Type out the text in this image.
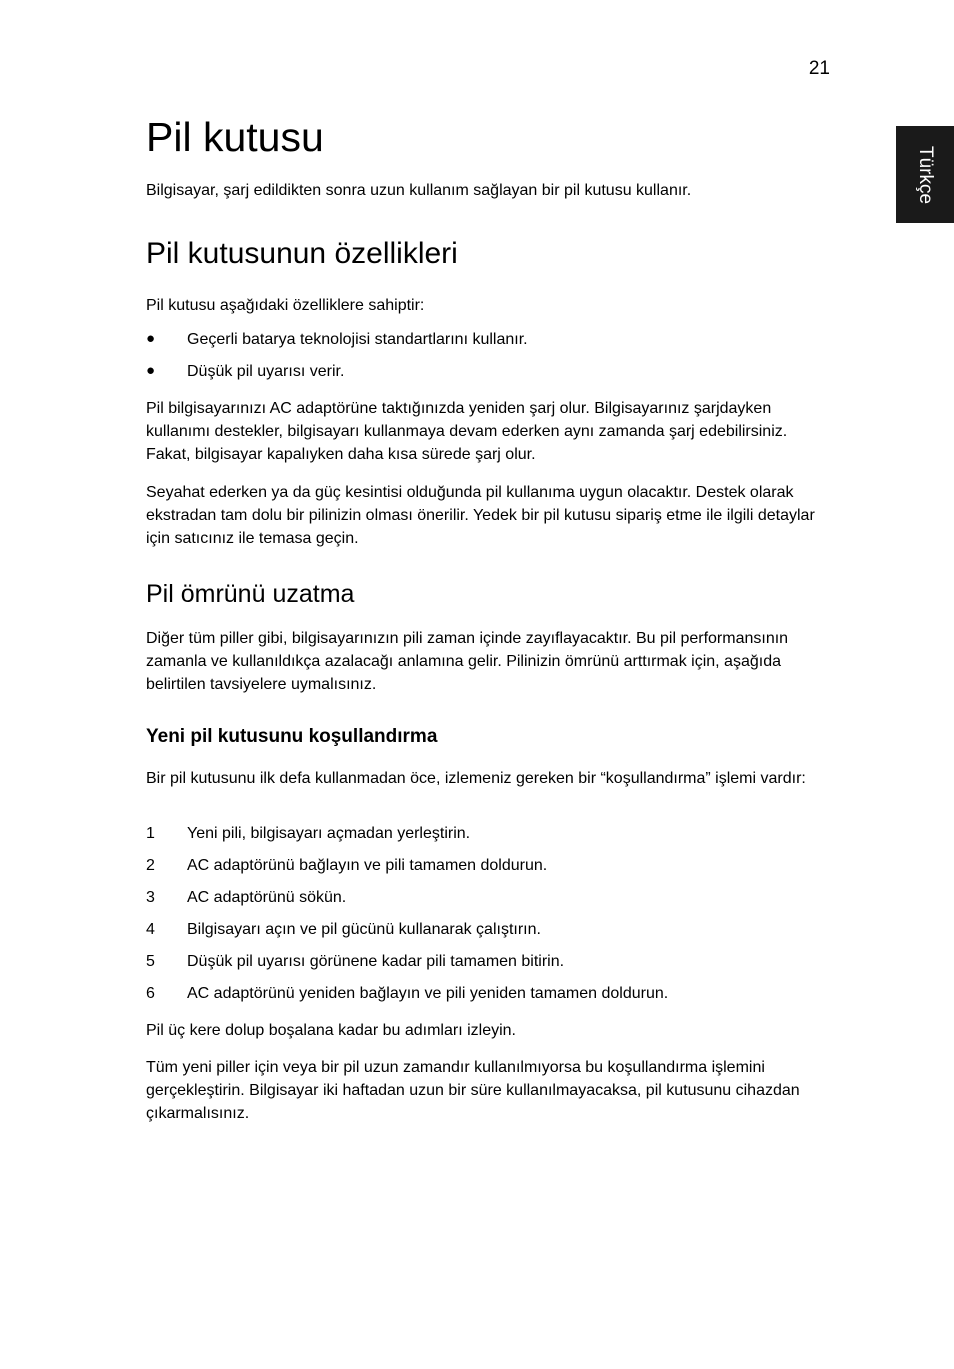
21
Türkçe
Pil kutusu

Bilgisayar, şarj edildikten sonra uzun kullanım sağlayan bir pil kutusu kullanır.

Pil kutusunun özellikleri

Pil kutusu aşağıdaki özelliklere sahiptir:

● Geçerli batarya teknolojisi standartlarını kullanır.
● Düşük pil uyarısı verir.

Pil bilgisayarınızı AC adaptörüne taktığınızda yeniden şarj olur. Bilgisayarınız şarjdayken kullanımı destekler, bilgisayarı kullanmaya devam ederken aynı zamanda şarj edebilirsiniz. Fakat, bilgisayar kapalıyken daha kısa sürede şarj olur.

Seyahat ederken ya da güç kesintisi olduğunda pil kullanıma uygun olacaktır. Destek olarak ekstradan tam dolu bir pilinizin olması önerilir. Yedek bir pil kutusu sipariş etme ile ilgili detaylar için satıcınız ile temasa geçin.

Pil ömrünü uzatma

Diğer tüm piller gibi, bilgisayarınızın pili zaman içinde zayıflayacaktır. Bu pil performansının zamanla ve kullanıldıkça azalacağı anlamına gelir. Pilinizin ömrünü arttırmak için, aşağıda belirtilen tavsiyelere uymalısınız.

Yeni pil kutusunu koşullandırma

Bir pil kutusunu ilk defa kullanmadan öce, izlemeniz gereken bir “koşullandırma” işlemi vardır:

1	Yeni pili, bilgisayarı açmadan yerleştirin.
2	AC adaptörünü bağlayın ve pili tamamen doldurun.
3	AC adaptörünü sökün.
4	Bilgisayarı açın ve pil gücünü kullanarak çalıştırın.
5	Düşük pil uyarısı görünene kadar pili tamamen bitirin.
6	AC adaptörünü yeniden bağlayın ve pili yeniden tamamen doldurun.

Pil üç kere dolup boşalana kadar bu adımları izleyin.

Tüm yeni piller için veya bir pil uzun zamandır kullanılmıyorsa bu koşullandırma işlemini gerçekleştirin. Bilgisayar iki haftadan uzun bir süre kullanılmayacaksa, pil kutusunu cihazdan çıkarmalısınız.
